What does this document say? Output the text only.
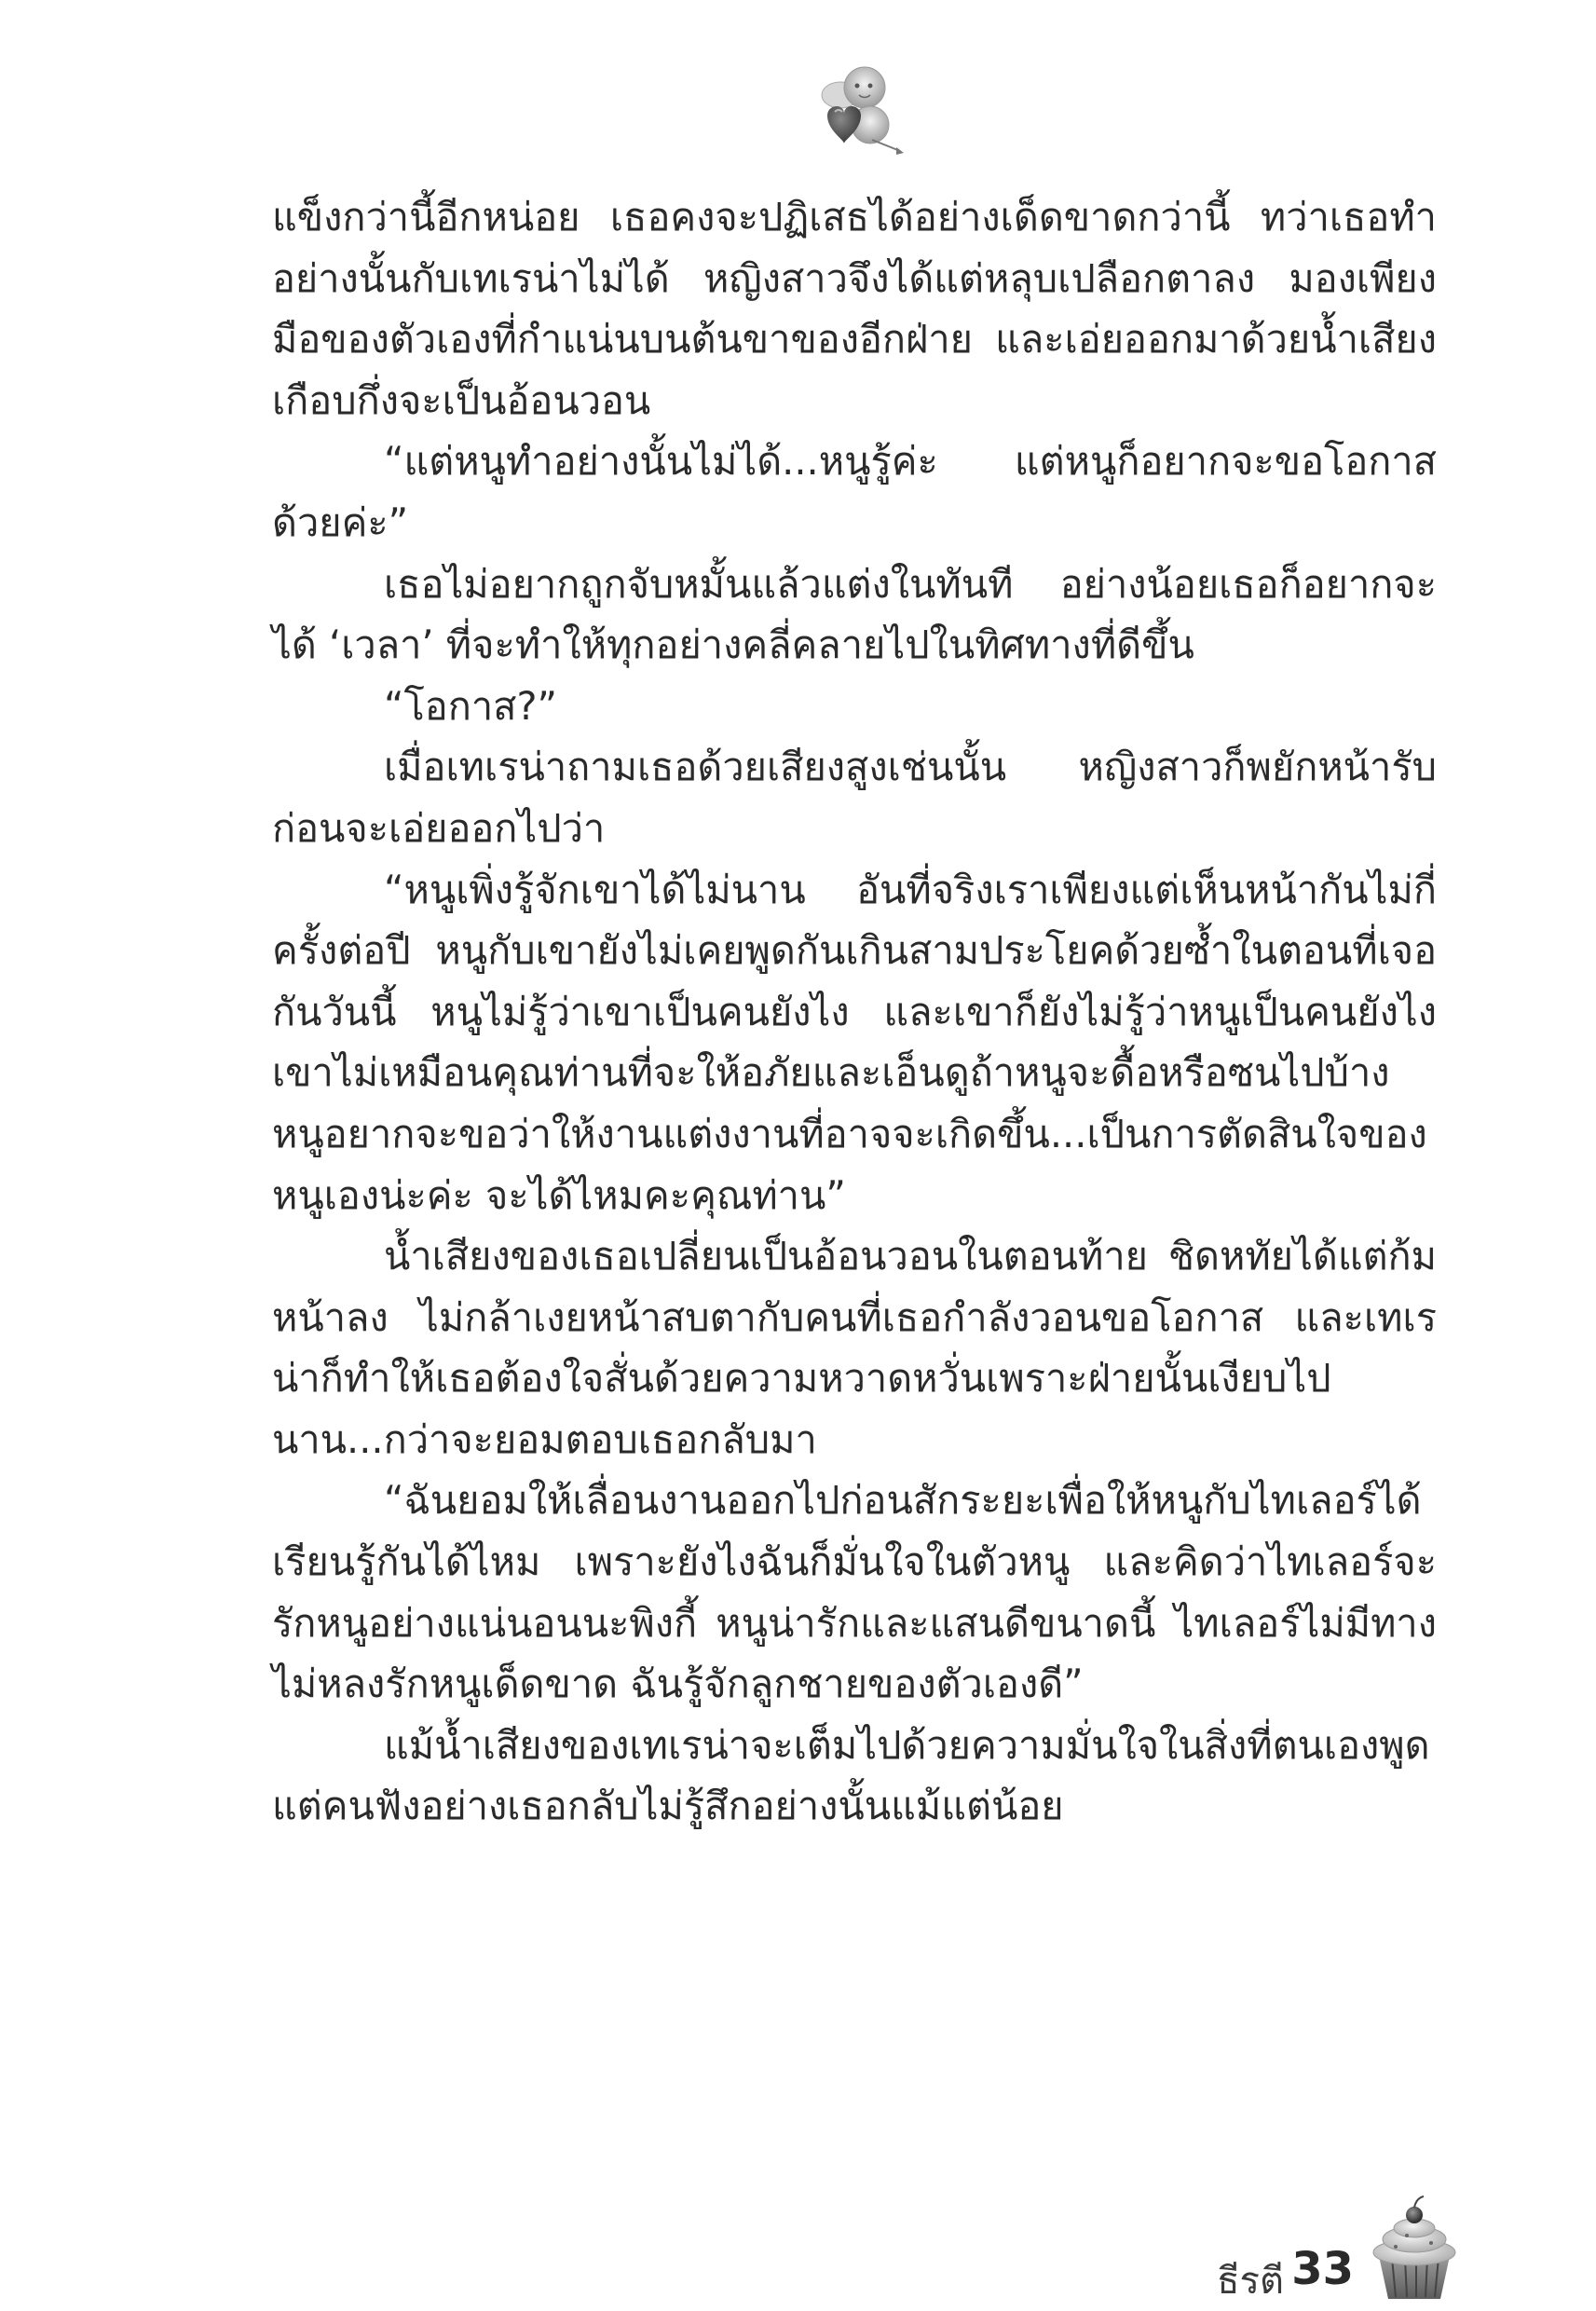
แข็งกว่านี้อีกหน่อย เธอคงจะปฏิเสธได้อย่างเด็ดขาดกว่านี้ ทว่าเธอทำอย่างนั้นกับเทเรน่าไม่ได้ หญิงสาวจึงได้แต่หลุบเปลือกตาลง มองเพียงมือของตัวเองที่กำแน่นบนต้นขาของอีกฝ่าย และเอ่ยออกมาด้วยน้ำเสียงเกือบกึ่งจะเป็นอ้อนวอน

“แต่หนูทำอย่างนั้นไม่ได้...หนูรู้ค่ะ แต่หนูก็อยากจะขอโอกาสด้วยค่ะ”

เธอไม่อยากถูกจับหมั้นแล้วแต่งในทันที อย่างน้อยเธอก็อยากจะได้ ‘เวลา’ ที่จะทำให้ทุกอย่างคลี่คลายไปในทิศทางที่ดีขึ้น

“โอกาส?”

เมื่อเทเรน่าถามเธอด้วยเสียงสูงเช่นนั้น หญิงสาวก็พยักหน้ารับก่อนจะเอ่ยออกไปว่า

“หนูเพิ่งรู้จักเขาได้ไม่นาน อันที่จริงเราเพียงแต่เห็นหน้ากันไม่กี่ครั้งต่อปี หนูกับเขายังไม่เคยพูดกันเกินสามประโยคด้วยซ้ำในตอนที่เจอกันวันนี้ หนูไม่รู้ว่าเขาเป็นคนยังไง และเขาก็ยังไม่รู้ว่าหนูเป็นคนยังไง เขาไม่เหมือนคุณท่านที่จะให้อภัยและเอ็นดูถ้าหนูจะดื้อหรือซนไปบ้าง หนูอยากจะขอว่าให้งานแต่งงานที่อาจจะเกิดขึ้น...เป็นการตัดสินใจของหนูเองน่ะค่ะ จะได้ไหมคะคุณท่าน”

น้ำเสียงของเธอเปลี่ยนเป็นอ้อนวอนในตอนท้าย ชิดหทัยได้แต่ก้มหน้าลง ไม่กล้าเงยหน้าสบตากับคนที่เธอกำลังวอนขอโอกาส และเทเรน่าก็ทำให้เธอต้องใจสั่นด้วยความหวาดหวั่นเพราะฝ่ายนั้นเงียบไปนาน...กว่าจะยอมตอบเธอกลับมา

“ฉันยอมให้เลื่อนงานออกไปก่อนสักระยะเพื่อให้หนูกับไทเลอร์ได้เรียนรู้กันได้ไหม เพราะยังไงฉันก็มั่นใจในตัวหนู และคิดว่าไทเลอร์จะรักหนูอย่างแน่นอนนะพิงกี้ หนูน่ารักและแสนดีขนาดนี้ ไทเลอร์ไม่มีทางไม่หลงรักหนูเด็ดขาด ฉันรู้จักลูกชายของตัวเองดี”

แม้น้ำเสียงของเทเรน่าจะเต็มไปด้วยความมั่นใจในสิ่งที่ตนเองพูดแต่คนฟังอย่างเธอกลับไม่รู้สึกอย่างนั้นแม้แต่น้อย

ธีรตี 33
